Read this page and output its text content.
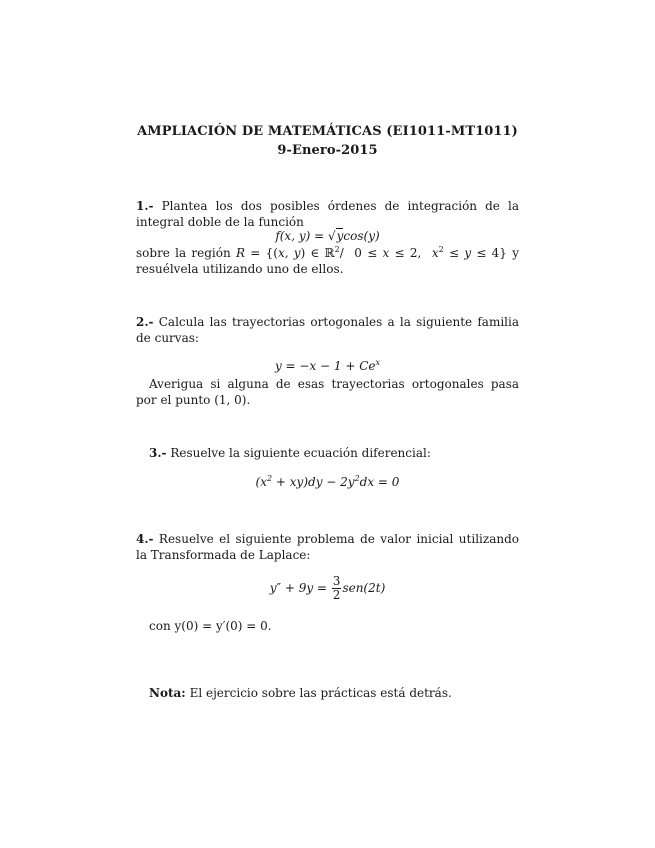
AMPLIACIÓN DE MATEMÁTICAS (EI1011-MT1011)
9-Enero-2015
1.- Plantea los dos posibles órdenes de integración de la integral doble de la función
f(x, y) = √ycos(y)
sobre la región R = {(x, y) ∈ ℝ$^2$/  0 ≤ x ≤ 2,  $x^2 \le y \le 4$} y resuélvela utilizando uno de ellos.
2.- Calcula las trayectorias ortogonales a la siguiente familia de curvas:
$y = -x - 1 + Ce^x$
Averigua si alguna de esas trayectorias ortogonales pasa por el punto (1, 0).
3.- Resuelve la siguiente ecuación diferencial:
$(x^2 + xy)dy - 2y^2dx = 0$
4.- Resuelve el siguiente problema de valor inicial utilizando la Transformada de Laplace:
$y'' + 9y = \frac{3}{2} sen(2t)$
con y(0) = y′(0) = 0.
Nota: El ejercicio sobre las prácticas está detrás.
